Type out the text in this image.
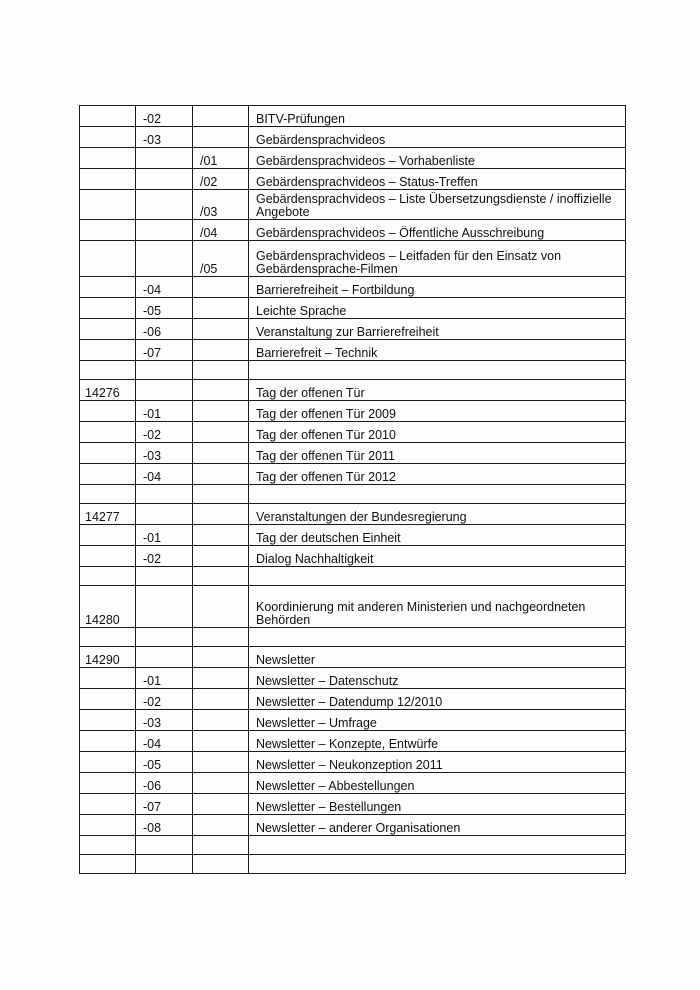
	-02		BITV-Prüfungen
	-03		Gebärdensprachvideos
		/01	Gebärdensprachvideos – Vorhabenliste
		/02	Gebärdensprachvideos – Status-Treffen
		/03	Gebärdensprachvideos – Liste Übersetzungsdienste / inoffizielle Angebote
		/04	Gebärdensprachvideos – Öffentliche Ausschreibung
		/05	Gebärdensprachvideos – Leitfaden für den Einsatz von Gebärdensprache-Filmen
	-04		Barrierefreiheit – Fortbildung
	-05		Leichte Sprache
	-06		Veranstaltung zur Barrierefreiheit
	-07		Barrierefreit – Technik

14276			Tag der offenen Tür
	-01		Tag der offenen Tür 2009
	-02		Tag der offenen Tür 2010
	-03		Tag der offenen Tür 2011
	-04		Tag der offenen Tür 2012

14277			Veranstaltungen der Bundesregierung
	-01		Tag der deutschen Einheit
	-02		Dialog Nachhaltigkeit

14280			Koordinierung mit anderen Ministerien und nachgeordneten Behörden

14290			Newsletter
	-01		Newsletter – Datenschutz
	-02		Newsletter – Datendump 12/2010
	-03		Newsletter – Umfrage
	-04		Newsletter – Konzepte, Entwürfe
	-05		Newsletter – Neukonzeption 2011
	-06		Newsletter – Abbestellungen
	-07		Newsletter – Bestellungen
	-08		Newsletter – anderer Organisationen
